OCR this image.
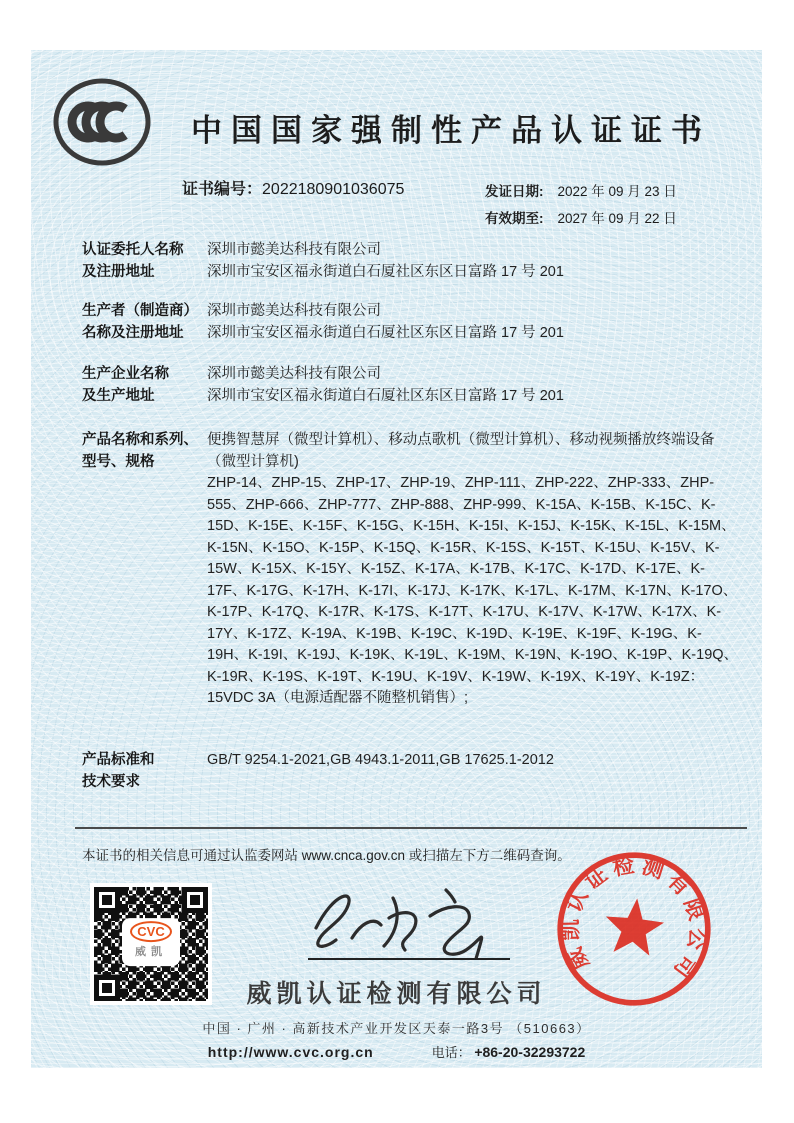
中国国家强制性产品认证证书
证书编号：2022180901036075	发证日期: 2022 年 09 月 23 日
有效期至: 2027 年 09 月 22 日
认证委托人名称
及注册地址
深圳市懿美达科技有限公司
深圳市宝安区福永街道白石厦社区东区日富路 17 号 201
生产者（制造商）
名称及注册地址
深圳市懿美达科技有限公司
深圳市宝安区福永街道白石厦社区东区日富路 17 号 201
生产企业名称
及生产地址
深圳市懿美达科技有限公司
深圳市宝安区福永街道白石厦社区东区日富路 17 号 201
产品名称和系列、
型号、规格
便携智慧屏（微型计算机）、移动点歌机（微型计算机）、移动视频播放终端设备（微型计算机)
ZHP-14、ZHP-15、ZHP-17、ZHP-19、ZHP-111、ZHP-222、ZHP-333、ZHP-555、ZHP-666、ZHP-777、ZHP-888、ZHP-999、K-15A、K-15B、K-15C、K-15D、K-15E、K-15F、K-15G、K-15H、K-15I、K-15J、K-15K、K-15L、K-15M、K-15N、K-15O、K-15P、K-15Q、K-15R、K-15S、K-15T、K-15U、K-15V、K-15W、K-15X、K-15Y、K-15Z、K-17A、K-17B、K-17C、K-17D、K-17E、K-17F、K-17G、K-17H、K-17I、K-17J、K-17K、K-17L、K-17M、K-17N、K-17O、K-17P、K-17Q、K-17R、K-17S、K-17T、K-17U、K-17V、K-17W、K-17X、K-17Y、K-17Z、K-19A、K-19B、K-19C、K-19D、K-19E、K-19F、K-19G、K-19H、K-19I、K-19J、K-19K、K-19L、K-19M、K-19N、K-19O、K-19P、K-19Q、K-19R、K-19S、K-19T、K-19U、K-19V、K-19W、K-19X、K-19Y、K-19Z：15VDC 3A（电源适配器不随整机销售）;
产品标准和
技术要求
GB/T 9254.1-2021,GB 4943.1-2011,GB 17625.1-2012
本证书的相关信息可通过认监委网站 www.cnca.gov.cn 或扫描左下方二维码查询。
CVC
威凯
威凯认证检测有限公司
中国 · 广州 · 高新技术产业开发区天泰一路3号 （510663）
http://www.cvc.org.cn	电话： +86-20-32293722
威凯认证检测有限公司
